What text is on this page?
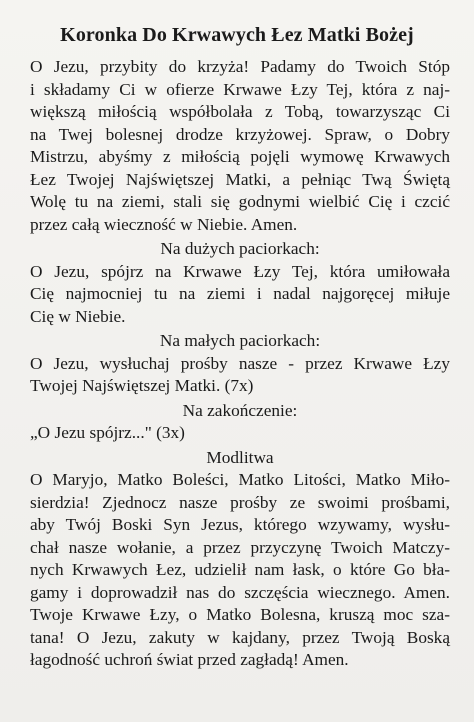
Koronka Do Krwawych Łez Matki Bożej
O Jezu, przybity do krzyża! Padamy do Twoich Stóp
i składamy Ci w ofierze Krwawe Łzy Tej, która z naj-
większą miłością współbolała z Tobą, towarzysząc Ci
na Twej bolesnej drodze krzyżowej. Spraw, o Dobry
Mistrzu, abyśmy z miłością pojęli wymowę Krwawych
Łez Twojej Najświętszej Matki, a pełniąc Twą Świętą
Wolę tu na ziemi, stali się godnymi wielbić Cię i czcić
przez całą wieczność w Niebie. Amen.
Na dużych paciorkach:
O Jezu, spójrz na Krwawe Łzy Tej, która umiłowała
Cię najmocniej tu na ziemi i nadal najgoręcej miłuje
Cię w Niebie.
Na małych paciorkach:
O Jezu, wysłuchaj prośby nasze - przez Krwawe Łzy
Twojej Najświętszej Matki. (7x)
Na zakończenie:
„O Jezu spójrz..." (3x)
Modlitwa
O Maryjo, Matko Boleści, Matko Litości, Matko Miło-
sierdzia! Zjednocz nasze prośby ze swoimi prośbami,
aby Twój Boski Syn Jezus, którego wzywamy, wysłu-
chał nasze wołanie, a przez przyczynę Twoich Matczy-
nych Krwawych Łez, udzielił nam łask, o które Go bła-
gamy i doprowadził nas do szczęścia wiecznego. Amen.
Twoje Krwawe Łzy, o Matko Bolesna, kruszą moc sza-
tana! O Jezu, zakuty w kajdany, przez Twoją Boską
łagodność uchroń świat przed zagładą! Amen.
